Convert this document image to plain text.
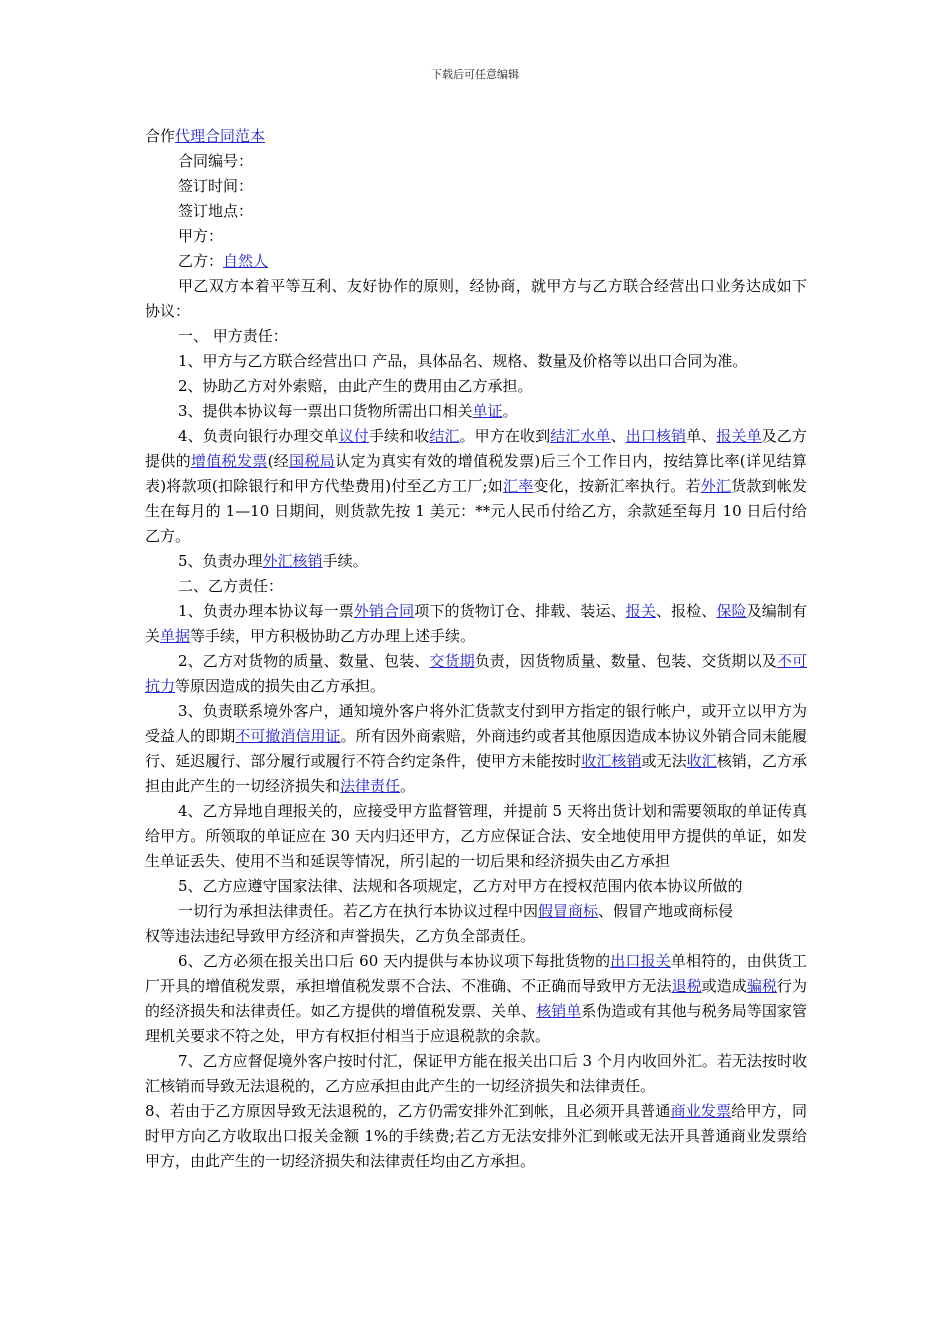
下载后可任意编辑

合作代理合同范本

合同编号：

签订时间：

签订地点：

甲方：

乙方：自然人

甲乙双方本着平等互利、友好协作的原则，经协商，就甲方与乙方联合经营出口业务达成如下协议：

一、 甲方责任：

1、甲方与乙方联合经营出口 产品，具体品名、规格、数量及价格等以出口合同为准。

2、协助乙方对外索赔，由此产生的费用由乙方承担。

3、提供本协议每一票出口货物所需出口相关单证。

4、负责向银行办理交单议付手续和收结汇。甲方在收到结汇水单、出口核销单、报关单及乙方提供的增值税发票(经国税局认定为真实有效的增值税发票)后三个工作日内，按结算比率(详见结算表)将款项(扣除银行和甲方代垫费用)付至乙方工厂;如汇率变化，按新汇率执行。若外汇货款到帐发生在每月的 1—10 日期间，则货款先按 1 美元：**元人民币付给乙方，余款延至每月 10 日后付给乙方。

5、负责办理外汇核销手续。

二、乙方责任：

1、负责办理本协议每一票外销合同项下的货物订仓、排载、装运、报关、报检、保险及编制有关单据等手续，甲方积极协助乙方办理上述手续。

2、乙方对货物的质量、数量、包装、交货期负责，因货物质量、数量、包装、交货期以及不可抗力等原因造成的损失由乙方承担。

3、负责联系境外客户，通知境外客户将外汇货款支付到甲方指定的银行帐户，或开立以甲方为受益人的即期不可撤消信用证。所有因外商索赔，外商违约或者其他原因造成本协议外销合同未能履行、延迟履行、部分履行或履行不符合约定条件，使甲方未能按时收汇核销或无法收汇核销，乙方承担由此产生的一切经济损失和法律责任。

4、乙方异地自理报关的，应接受甲方监督管理，并提前 5 天将出货计划和需要领取的单证传真给甲方。所领取的单证应在 30 天内归还甲方，乙方应保证合法、安全地使用甲方提供的单证，如发生单证丢失、使用不当和延误等情况，所引起的一切后果和经济损失由乙方承担

5、乙方应遵守国家法律、法规和各项规定，乙方对甲方在授权范围内依本协议所做的

一切行为承担法律责任。若乙方在执行本协议过程中因假冒商标、假冒产地或商标侵

权等违法违纪导致甲方经济和声誉损失，乙方负全部责任。

6、乙方必须在报关出口后 60 天内提供与本协议项下每批货物的出口报关单相符的，由供货工厂开具的增值税发票，承担增值税发票不合法、不准确、不正确而导致甲方无法退税或造成骗税行为的经济损失和法律责任。如乙方提供的增值税发票、关单、核销单系伪造或有其他与税务局等国家管理机关要求不符之处，甲方有权拒付相当于应退税款的余款。

7、乙方应督促境外客户按时付汇，保证甲方能在报关出口后 3 个月内收回外汇。若无法按时收汇核销而导致无法退税的，乙方应承担由此产生的一切经济损失和法律责任。

8、若由于乙方原因导致无法退税的，乙方仍需安排外汇到帐，且必须开具普通商业发票给甲方，同时甲方向乙方收取出口报关金额 1%的手续费;若乙方无法安排外汇到帐或无法开具普通商业发票给甲方，由此产生的一切经济损失和法律责任均由乙方承担。
